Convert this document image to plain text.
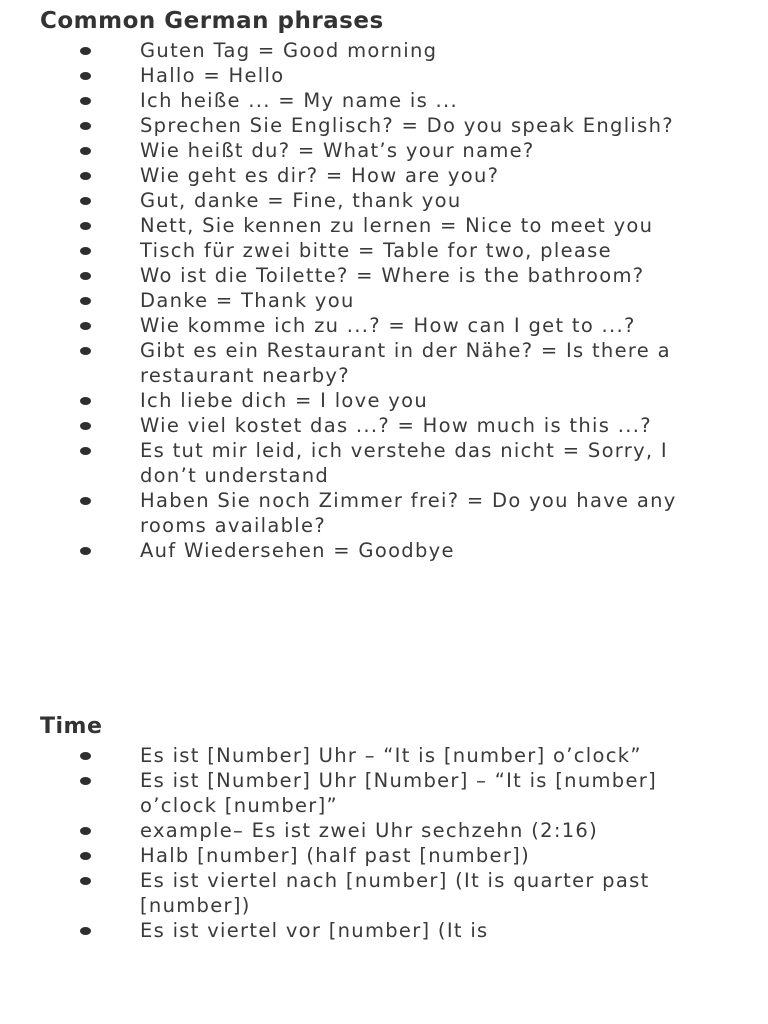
Common German phrases
Guten Tag = Good morning
Hallo = Hello
Ich heiße ... = My name is ...
Sprechen Sie Englisch? = Do you speak English?
Wie heißt du? = What’s your name?
Wie geht es dir? = How are you?
Gut, danke = Fine, thank you
Nett, Sie kennen zu lernen = Nice to meet you
Tisch für zwei bitte = Table for two, please
Wo ist die Toilette? = Where is the bathroom?
Danke = Thank you
Wie komme ich zu ...? = How can I get to ...?
Gibt es ein Restaurant in der Nähe? = Is there a restaurant nearby?
Ich liebe dich = I love you
Wie viel kostet das ...? = How much is this ...?
Es tut mir leid, ich verstehe das nicht = Sorry, I don’t understand
Haben Sie noch Zimmer frei? = Do you have any rooms available?
Auf Wiedersehen = Goodbye
Time
Es ist [Number] Uhr – “It is [number] o’clock”
Es ist [Number] Uhr [Number] – “It is [number] o’clock [number]”
example– Es ist zwei Uhr sechzehn (2:16)
Halb [number] (half past [number])
Es ist viertel nach [number] (It is quarter past [number])
Es ist viertel vor [number] (It is
